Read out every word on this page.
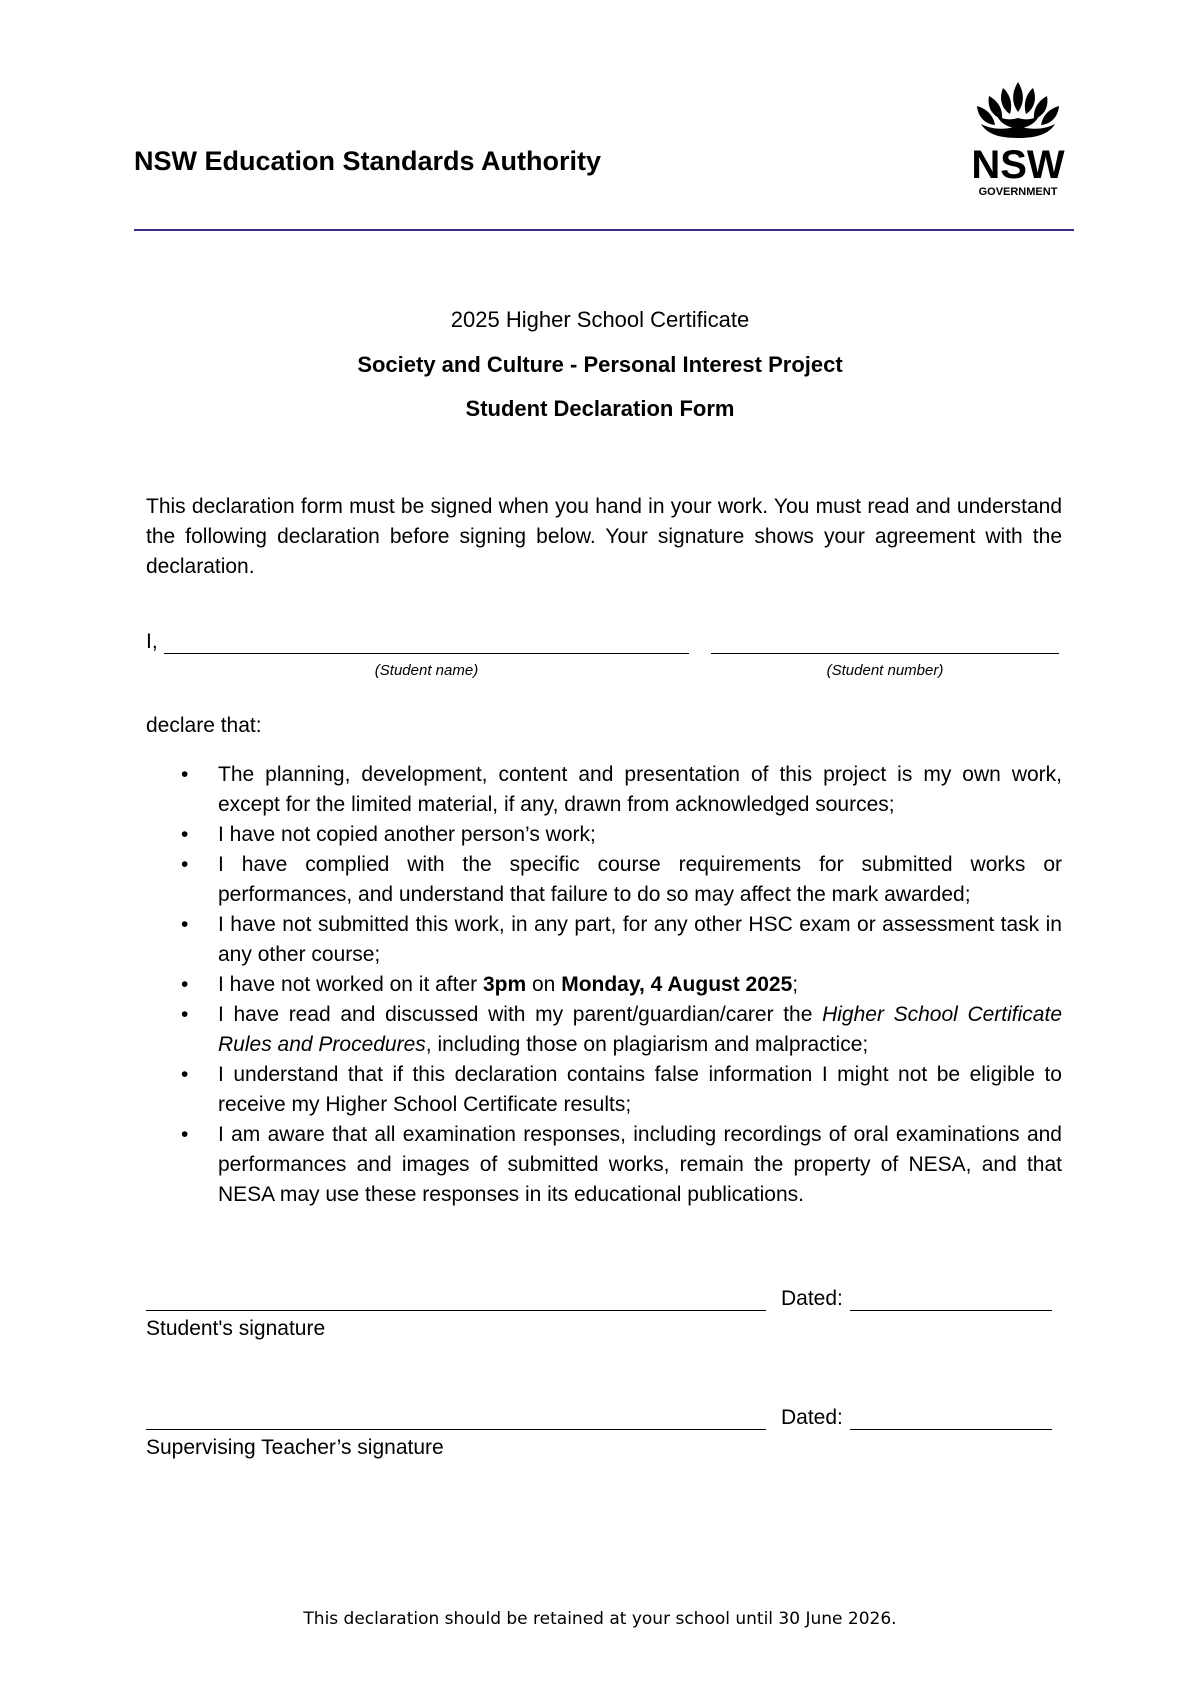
NSW Education Standards Authority	NSW
GOVERNMENT
2025 Higher School Certificate
Society and Culture - Personal Interest Project
Student Declaration Form
This declaration form must be signed when you hand in your work. You must read and understand the following declaration before signing below. Your signature shows your agreement with the declaration.
I,
(Student name)	(Student number)
declare that:
• The planning, development, content and presentation of this project is my own work, except for the limited material, if any, drawn from acknowledged sources;
• I have not copied another person’s work;
• I have complied with the specific course requirements for submitted works or performances, and understand that failure to do so may affect the mark awarded;
• I have not submitted this work, in any part, for any other HSC exam or assessment task in any other course;
• I have not worked on it after 3pm on Monday, 4 August 2025;
• I have read and discussed with my parent/guardian/carer the Higher School Certificate Rules and Procedures, including those on plagiarism and malpractice;
• I understand that if this declaration contains false information I might not be eligible to receive my Higher School Certificate results;
• I am aware that all examination responses, including recordings of oral examinations and performances and images of submitted works, remain the property of NESA, and that NESA may use these responses in its educational publications.
Dated:
Student's signature
Dated:
Supervising Teacher’s signature
This declaration should be retained at your school until 30 June 2026.
